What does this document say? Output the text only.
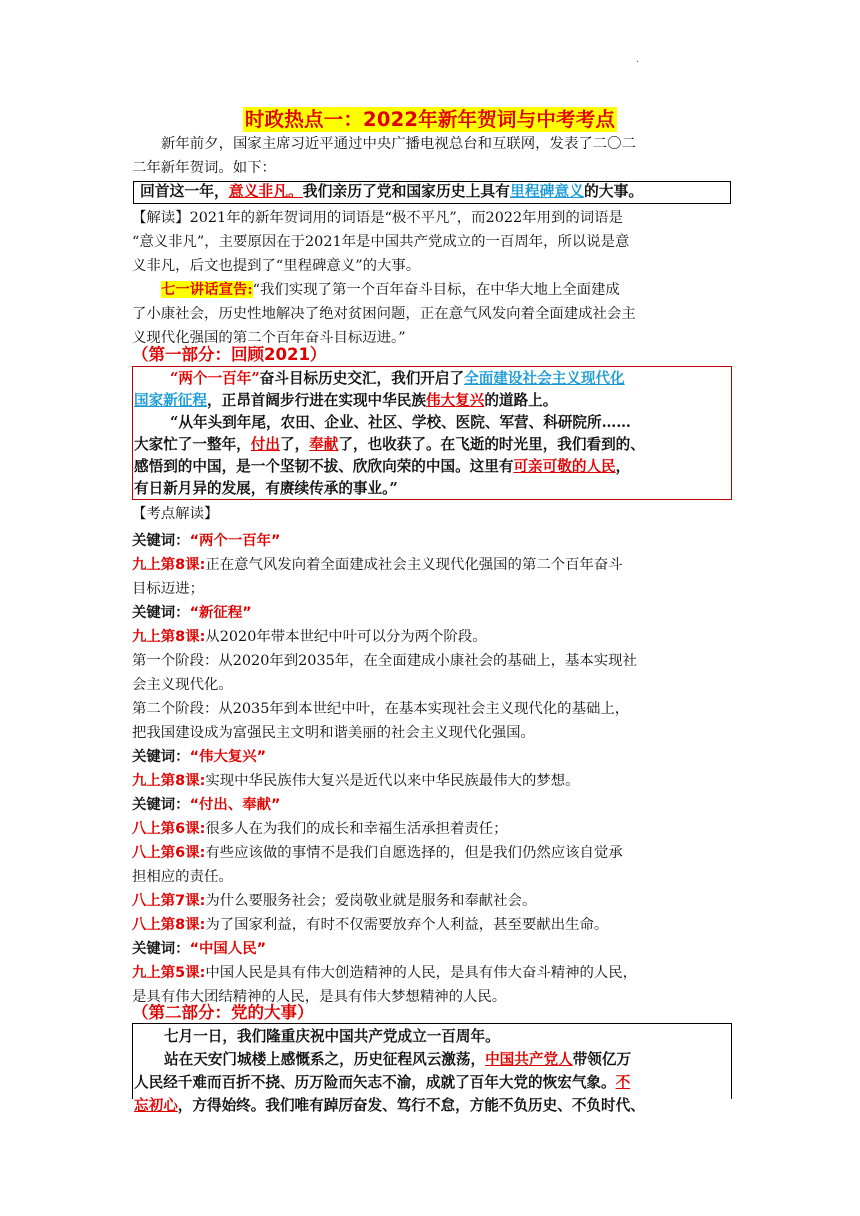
.
时政热点一：2022年新年贺词与中考考点
新年前夕，国家主席习近平通过中央广播电视总台和互联网，发表了二〇二
二年新年贺词。如下：
回首这一年，意义非凡。我们亲历了党和国家历史上具有里程碑意义的大事。
【解读】2021年的新年贺词用的词语是“极不平凡”，而2022年用到的词语是
“意义非凡”，主要原因在于2021年是中国共产党成立的一百周年，所以说是意
义非凡，后文也提到了“里程碑意义”的大事。
七一讲话宣告:“我们实现了第一个百年奋斗目标，在中华大地上全面建成
了小康社会，历史性地解决了绝对贫困问题，正在意气风发向着全面建成社会主
义现代化强国的第二个百年奋斗目标迈进。”
（第一部分：回顾2021）
“两个一百年”奋斗目标历史交汇，我们开启了全面建设社会主义现代化
国家新征程，正昂首阔步行进在实现中华民族伟大复兴的道路上。
“从年头到年尾，农田、企业、社区、学校、医院、军营、科研院所……
大家忙了一整年，付出了，奉献了，也收获了。在飞逝的时光里，我们看到的、
感悟到的中国，是一个坚韧不拔、欣欣向荣的中国。这里有可亲可敬的人民，
有日新月异的发展，有赓续传承的事业。”
【考点解读】
关键词：“两个一百年”
九上第8课:正在意气风发向着全面建成社会主义现代化强国的第二个百年奋斗
目标迈进；
关键词：“新征程”
九上第8课:从2020年带本世纪中叶可以分为两个阶段。
第一个阶段：从2020年到2035年，在全面建成小康社会的基础上，基本实现社
会主义现代化。
第二个阶段：从2035年到本世纪中叶，在基本实现社会主义现代化的基础上，
把我国建设成为富强民主文明和谐美丽的社会主义现代化强国。
关键词：“伟大复兴”
九上第8课:实现中华民族伟大复兴是近代以来中华民族最伟大的梦想。
关键词：“付出、奉献”
八上第6课:很多人在为我们的成长和幸福生活承担着责任；
八上第6课:有些应该做的事情不是我们自愿选择的，但是我们仍然应该自觉承
担相应的责任。
八上第7课:为什么要服务社会；爱岗敬业就是服务和奉献社会。
八上第8课:为了国家利益，有时不仅需要放弃个人利益，甚至要献出生命。
关键词：“中国人民”
九上第5课:中国人民是具有伟大创造精神的人民，是具有伟大奋斗精神的人民，
是具有伟大团结精神的人民，是具有伟大梦想精神的人民。
（第二部分：党的大事）
七月一日，我们隆重庆祝中国共产党成立一百周年。
站在天安门城楼上感慨系之，历史征程风云激荡，中国共产党人带领亿万
人民经千难而百折不挠、历万险而矢志不渝，成就了百年大党的恢宏气象。不
忘初心，方得始终。我们唯有踔厉奋发、笃行不怠，方能不负历史、不负时代、
